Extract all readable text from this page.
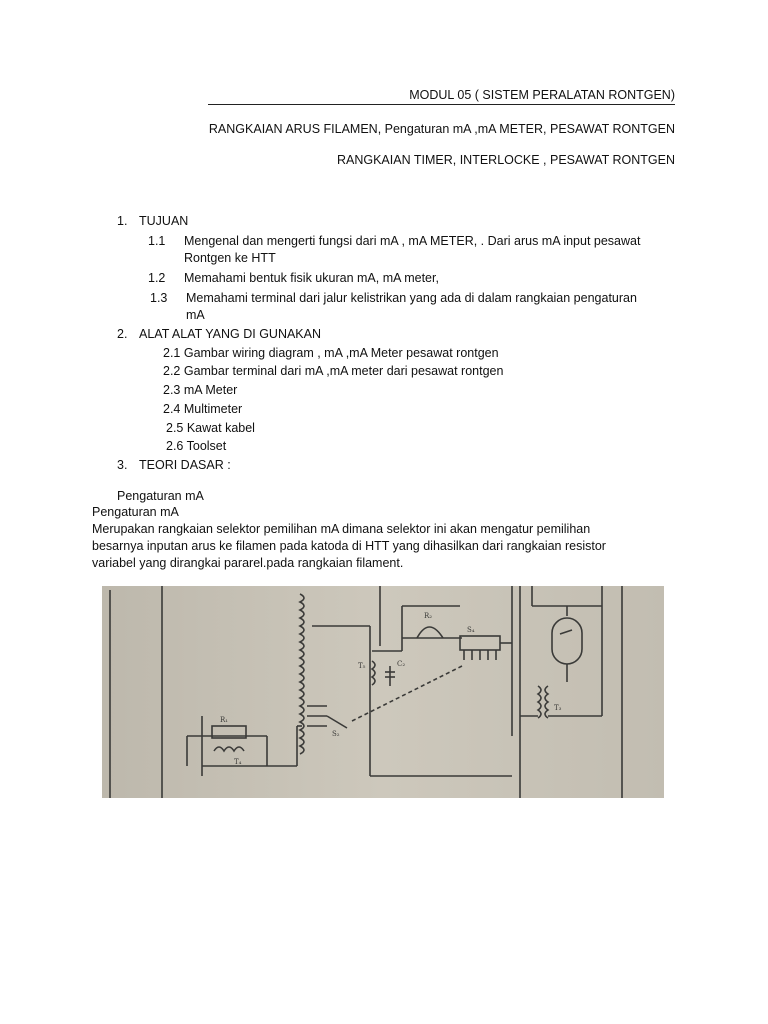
MODUL 05 ( SISTEM PERALATAN RONTGEN)
RANGKAIAN ARUS FILAMEN, Pengaturan mA ,mA METER, PESAWAT RONTGEN
RANGKAIAN TIMER, INTERLOCKE , PESAWAT RONTGEN
1. TUJUAN
1.1 Mengenal dan mengerti fungsi dari mA , mA METER, . Dari arus mA input pesawat
Rontgen ke HTT
1.2 Memahami bentuk fisik ukuran mA, mA meter,
1.3 Memahami terminal dari jalur kelistrikan yang ada di dalam rangkaian pengaturan
mA
2. ALAT ALAT YANG DI GUNAKAN
2.1 Gambar wiring diagram , mA ,mA Meter pesawat rontgen
2.2 Gambar terminal dari mA ,mA meter dari pesawat rontgen
2.3 mA Meter
2.4 Multimeter
2.5 Kawat kabel
2.6 Toolset
3. TEORI DASAR :
Pengaturan mA
Pengaturan mA
Merupakan rangkaian selektor pemilihan mA dimana selektor ini akan mengatur pemilihan
besarnya inputan arus ke filamen pada katoda di HTT yang dihasilkan dari rangkaian resistor
variabel yang dirangkai pararel.pada rangkaian filament.
R₁
T₄
C₂
T₅
S₂
T₃
R₂
S₄
